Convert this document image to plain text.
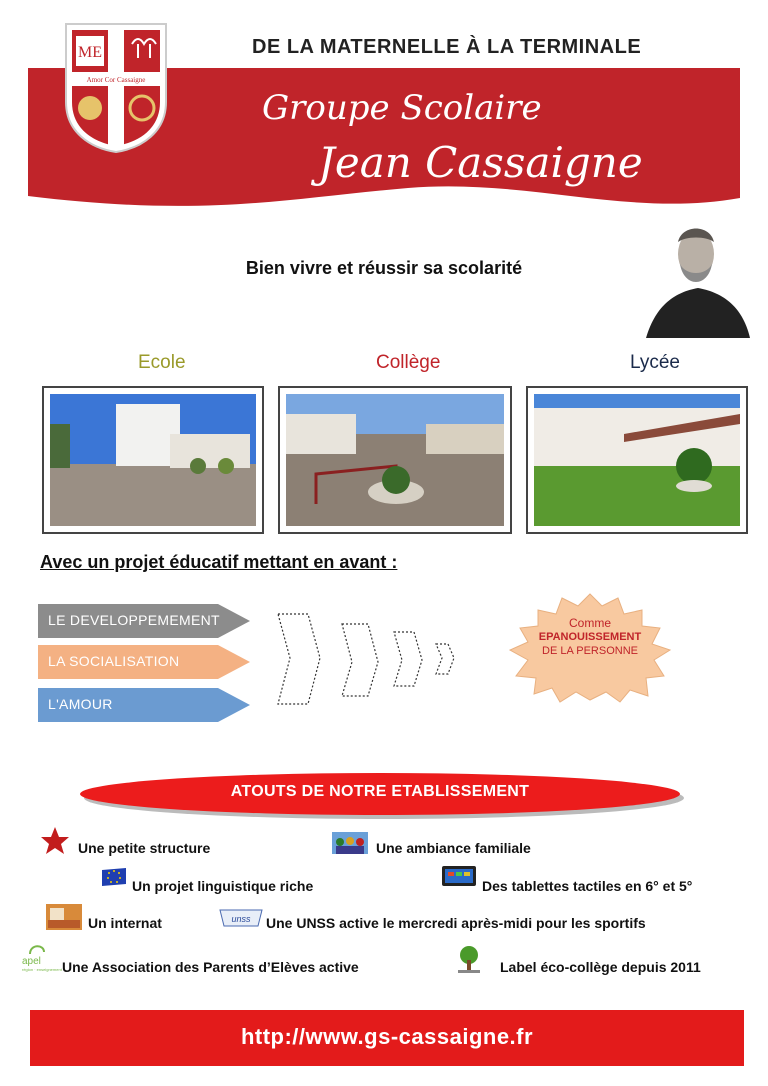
ME
Amor Cor Cassaigne
DE LA MATERNELLE À LA TERMINALE
Groupe Scolaire
Jean Cassaigne
Bien vivre et réussir sa scolarité
Ecole	Collège	Lycée
Avec un projet éducatif mettant en avant :
LE DEVELOPPEMEMENT
LA SOCIALISATION
L'AMOUR
Comme
EPANOUISSEMENT
DE LA PERSONNE
ATOUTS DE NOTRE ETABLISSEMENT
Une petite structure	Une ambiance familiale
Un projet linguistique riche	Des tablettes tactiles en 6° et 5°
Un internat	unss Une UNSS active le mercredi après-midi pour les sportifs
apel
région · enseignement Une Association des Parents d’Elèves active	Label éco-collège depuis 2011
http://www.gs-cassaigne.fr
